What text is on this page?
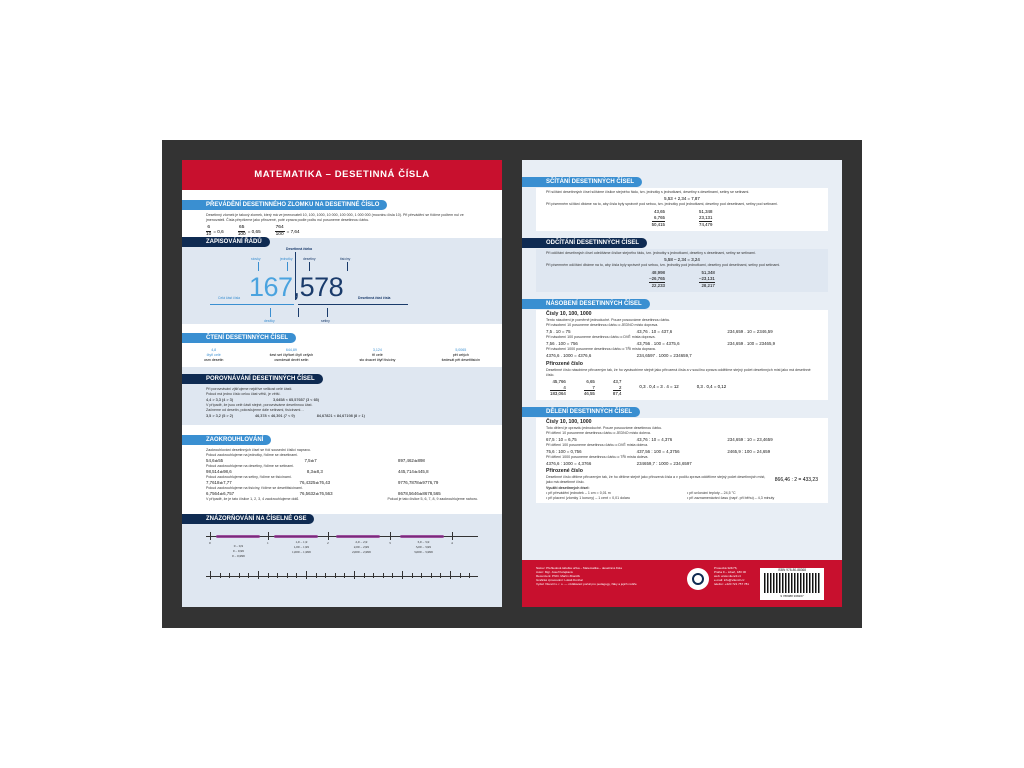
MATEMATIKA – DESETINNÁ ČÍSLA
PŘEVÁDĚNÍ DESETINNÉHO ZLOMKU NA DESETINNÉ ČÍSLO
Desetinný zlomek je takový zlomek, který má ve jmenovateli 10, 100, 1000, 10 000, 100 000, 1 000 000 (mocninu čísla 10). Při převádění se řídíme počtem nul ve jmenovateli. Čísla přepíšeme jako přirozené, poté zprava podle počtu nul posuneme desetinnou čárku.
$\frac{6}{10} = 0,6$	$\frac{65}{100} = 0,65$	$\frac{764}{100} = 7,64$
ZAPISOVÁNÍ ŘÁDŮ
Desetinná čárka
stovky	jednotky	desetiny	tisíciny
167,578
Celá část čísla	Desetinná část čísla
desítky	setiny
ČTENÍ DESETINNÝCH ČÍSEL
4,8
čtyři celé
osm desetin
644,89
šest set čtyřicet čtyři celých
osmdesát devět setin
3,124
tři celé
sto dvacet čtyři tisíciny
5,0065
pět celých
šedesát pět desetitisícin
POROVNÁVÁNÍ DESETINNÝCH ČÍSEL
Při porovnávání zjišťujeme nejdříve velikost celé části.
Pokud má jedno číslo celou část větší, je větší.
4,4 > 3,3 (4 > 3)	3,6458 < 65,57657 (3 < 65)
V případě, že jsou celé části stejné, porovnáváme desetinnou část.
Začneme od desetin, pokračujeme dále setinami, tisícinami…
3,5 > 3,2 (5 > 2)	46,378 < 46,391 (7 < 9)	84,67821 < 84,67198 (8 > 1)
ZAOKROUHLOVÁNÍ
Zaokrouhlování desetinných čísel se řídí sousední číslicí napravo.
Pokud zaokrouhlujeme na jednotky, řídíme se desetinami.
54,6≐55	7,5≐7	897,462≐898
Pokud zaokrouhlujeme na desetiny, řídíme se setinami.
98,514≐98,6	8,3≐8,3	445,714≐445,8
Pokud zaokrouhlujeme na setiny, řídíme se tisícinami.
7,7618≐7,77	76,4325≐76,43	9776,7878≐9776,79
Pokud zaokrouhlujeme na tisíciny, řídíme se desetitisícinami.
6,7564≐6,757	76,5632≐76,563	8678,5646≐8678,565
V případě, že je tato číslice 1, 2, 3, 4 zaokrouhlujeme dolů.	Pokud je tato číslice 5, 6, 7, 8, 9 zaokrouhlujeme nahoru.
ZNÁZORŇOVÁNÍ NA ČÍSELNÉ OSE
0	1	2	3	4
0 – 0,9
0 – 0,99
0 – 0,999
1,0 – 1,9
1,00 – 1,99
1,000 – 1,999
2,0 – 2,9
2,00 – 2,99
2,000 – 2,999
3,0 – 3,9
3,00 – 3,99
3,000 – 3,999
SČÍTÁNÍ DESETINNÝCH ČÍSEL
Při sčítání desetinných čísel sčítáme číslice stejného řádu, tzn. jednotky s jednotkami, desetiny s desetinami, setiny se setinami.
5,53 + 2,34 = 7,87
Při písemném sčítání dbáme na to, aby čísla byly správně pod sebou, tzn. jednotky pod jednotkami, desetiny pod desetinami, setiny pod setinami.
43,65
6,765
50,415
51,348
23,131
74,479
ODČÍTÁNÍ DESETINNÝCH ČÍSEL
Při odčítání desetinných čísel odečítáme číslice stejného řádu, tzn. jednotky s jednotkami, desetiny s desetinami, setiny se setinami.
5,58 – 2,34 = 3,24
Při písemném odčítání dbáme na to, aby čísla byly správně pod sebou, tzn. jednotky pod jednotkami, desetiny pod desetinami, setiny pod setinami.
48,998
–26,765
22,233
51,348
–23,131
28,217
NÁSOBENÍ DESETINNÝCH ČÍSEL
Čísly 10, 100, 1000
Tento násobení je poměrně jednoduché. Pouze posouváme desetinnou čárku.
Při násobení 10 posuneme desetinnou čárku o JEDNO místo doprava.
7,5 . 10 = 75	43,76 . 10 = 437,6	234,659 . 10 = 2346,59
Při násobení 100 posuneme desetinnou čárku o DVĚ místa doprava.
7,56 . 100 = 756	43,756 . 100 = 4375,6	234,659 . 100 = 23465,9
Při násobení 1000 posuneme desetinnou čárku o TŘI místa doprava.
4376,6 . 1000 = 4376,6	234,6597 . 1000 = 234659,7
Přirozené číslo
Desetinné číslo násobíme přirozeným tak, že ho vynásobíme stejně jako přirozená čísla a v součinu zprava oddělíme stejný počet desetinných míst jako má desetinné číslo.
45,766
4
183,064
6,65
7
46,55
43,7
2
87,4
0,3 . 0,4 = 3 . 4 = 12	0,3 . 0,4 = 0,12
DĚLENÍ DESETINNÝCH ČÍSEL
Čísly 10, 100, 1000
Toto dělení je opravdu jednoduché. Pouze posouváme desetinnou čárku.
Při dělení 10 posuneme desetinnou čárku o JEDNO místo doleva.
67,5 : 10 = 6,75	43,76 : 10 = 4,376	234,659 : 10 = 23,4659
Při dělení 100 posuneme desetinnou čárku o DVĚ místa doleva.
75,6 : 100 = 0,756	437,56 : 100 = 4,3756	2465,9 : 100 = 24,659
Při dělení 1000 posuneme desetinnou čárku o TŘI místa doleva.
4376,6 : 1000 = 4,3766	234659,7 : 1000 = 234,6597
Přirozené číslo
Desetinné číslo dělíme přirozeným tak, že ho dělíme stejně jako přirozená čísla a v podílu zprava oddělíme stejný počet desetinných míst, jako má desetinné číslo.	866,46 : 2 = 433,23
Využití desetinných čísel:
• při převádění jednotek – 1 cm = 0,01 m
• při placení (zlomky 1 koruny) – 1 cent = 0,01 dolaru
• při určování teploty – 24,5 °C
• při zaznamenávání času (např. při běhu) – 4,3 minuty
Název: Přehledová tabulka učiva – Matematika – desetinná čísla
Autor: Mgr. Josef Kolejkaná
Recenzent: PhDr. Martin Zbaničk
Grafické zpracování: Lukáš Donhal
Vydal: Vilencil s. r. o. — vzdělávací portál pro pedagogy, žáky a jejich rodiče
Prosecká 324/76,
Praha 9 – Libeň, 180 00
web: www.vilencil.cz
e-mail: info@vilencil.cz
telefon: +420 721 757 781
ISBN 978-80-88368
9 788088 368267
